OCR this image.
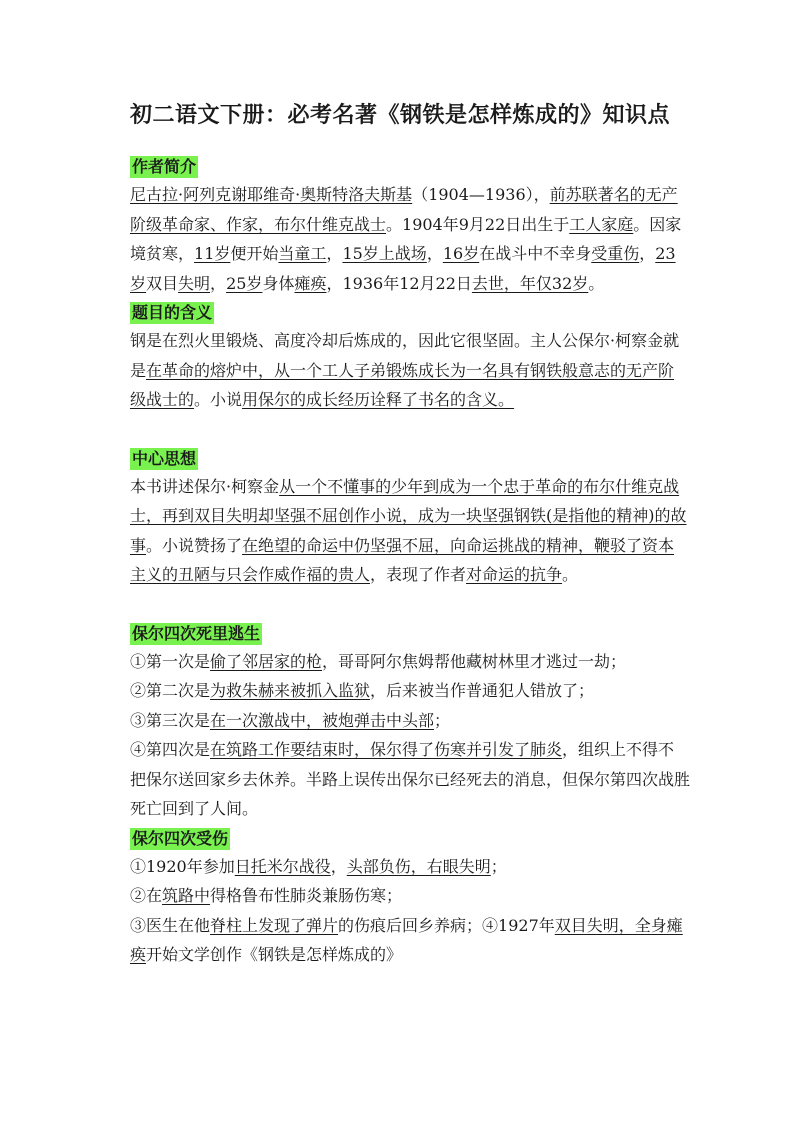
初二语文下册：必考名著《钢铁是怎样炼成的》知识点
作者简介

尼古拉·阿列克谢耶维奇·奥斯特洛夫斯基（1904—1936），前苏联著名的无产阶级革命家、作家，布尔什维克战士。1904年9月22日出生于工人家庭。因家境贫寒，11岁便开始当童工，15岁上战场，16岁在战斗中不幸身受重伤，23岁双目失明，25岁身体瘫痪，1936年12月22日去世，年仅32岁。

题目的含义

钢是在烈火里锻烧、高度冷却后炼成的，因此它很坚固。主人公保尔·柯察金就是在革命的熔炉中，从一个工人子弟锻炼成长为一名具有钢铁般意志的无产阶级战士的。小说用保尔的成长经历诠释了书名的含义。

中心思想

本书讲述保尔·柯察金从一个不懂事的少年到成为一个忠于革命的布尔什维克战士，再到双目失明却坚强不屈创作小说，成为一块坚强钢铁(是指他的精神)的故事。小说赞扬了在绝望的命运中仍坚强不屈，向命运挑战的精神，鞭驳了资本主义的丑陋与只会作威作福的贵人，表现了作者对命运的抗争。

保尔四次死里逃生

①第一次是偷了邻居家的枪，哥哥阿尔焦姆帮他藏树林里才逃过一劫；

②第二次是为救朱赫来被抓入监狱，后来被当作普通犯人错放了；

③第三次是在一次激战中，被炮弹击中头部；

④第四次是在筑路工作要结束时，保尔得了伤寒并引发了肺炎，组织上不得不把保尔送回家乡去休养。半路上误传出保尔已经死去的消息，但保尔第四次战胜死亡回到了人间。

保尔四次受伤

①1920年参加日托米尔战役，头部负伤，右眼失明；

②在筑路中得格鲁布性肺炎兼肠伤寒；

③医生在他脊柱上发现了弹片的伤痕后回乡养病；④1927年双目失明，全身瘫痪开始文学创作《钢铁是怎样炼成的》
